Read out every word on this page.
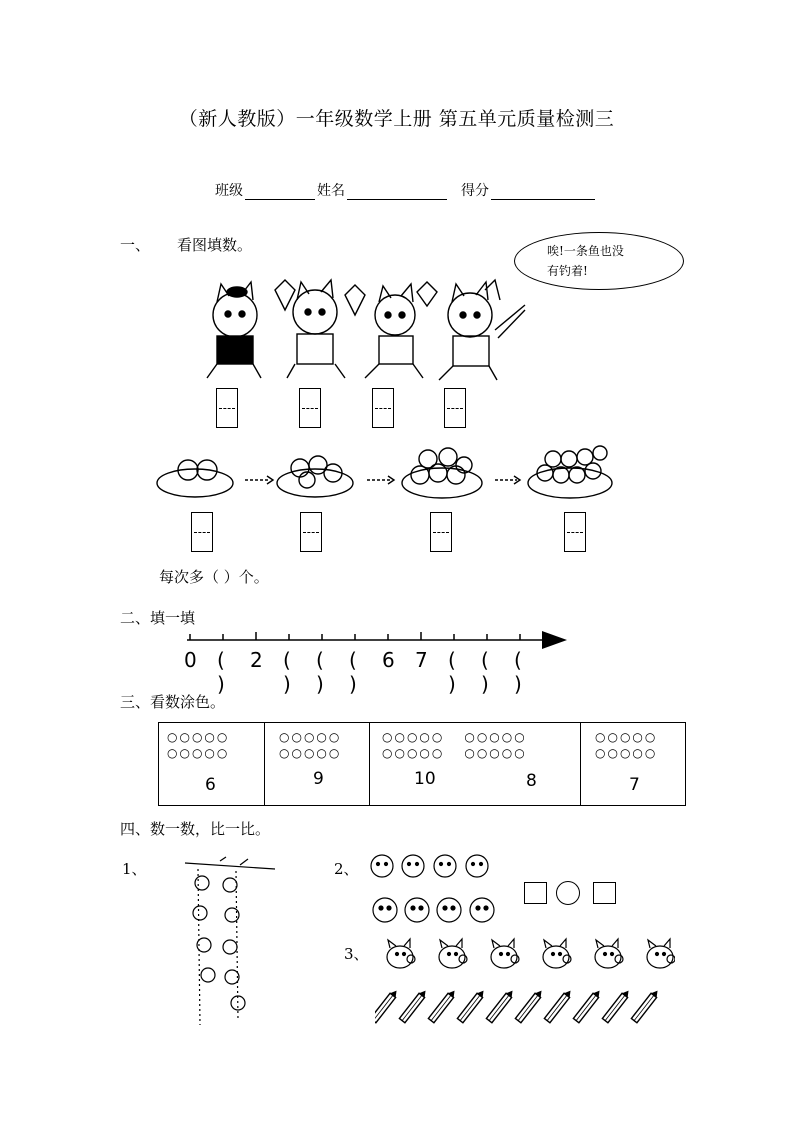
（新人教版）一年级数学上册 第五单元质量检测三
班级	姓名	得分
一、 看图填数。	唉!一条鱼也没
有钓着!
每次多（ ）个。
二、填一填
0 ( )
2 ( )
( )
( )
6 7 ( )
( )
( )
三、看数涂色。
○○○○○
○○○○○
6

○○○○○
○○○○○
9

○○○○○
○○○○○
○○○○○
○○○○○
10	8

○○○○○
○○○○○
7
四、数一数，比一比。
1、	2、
3、
